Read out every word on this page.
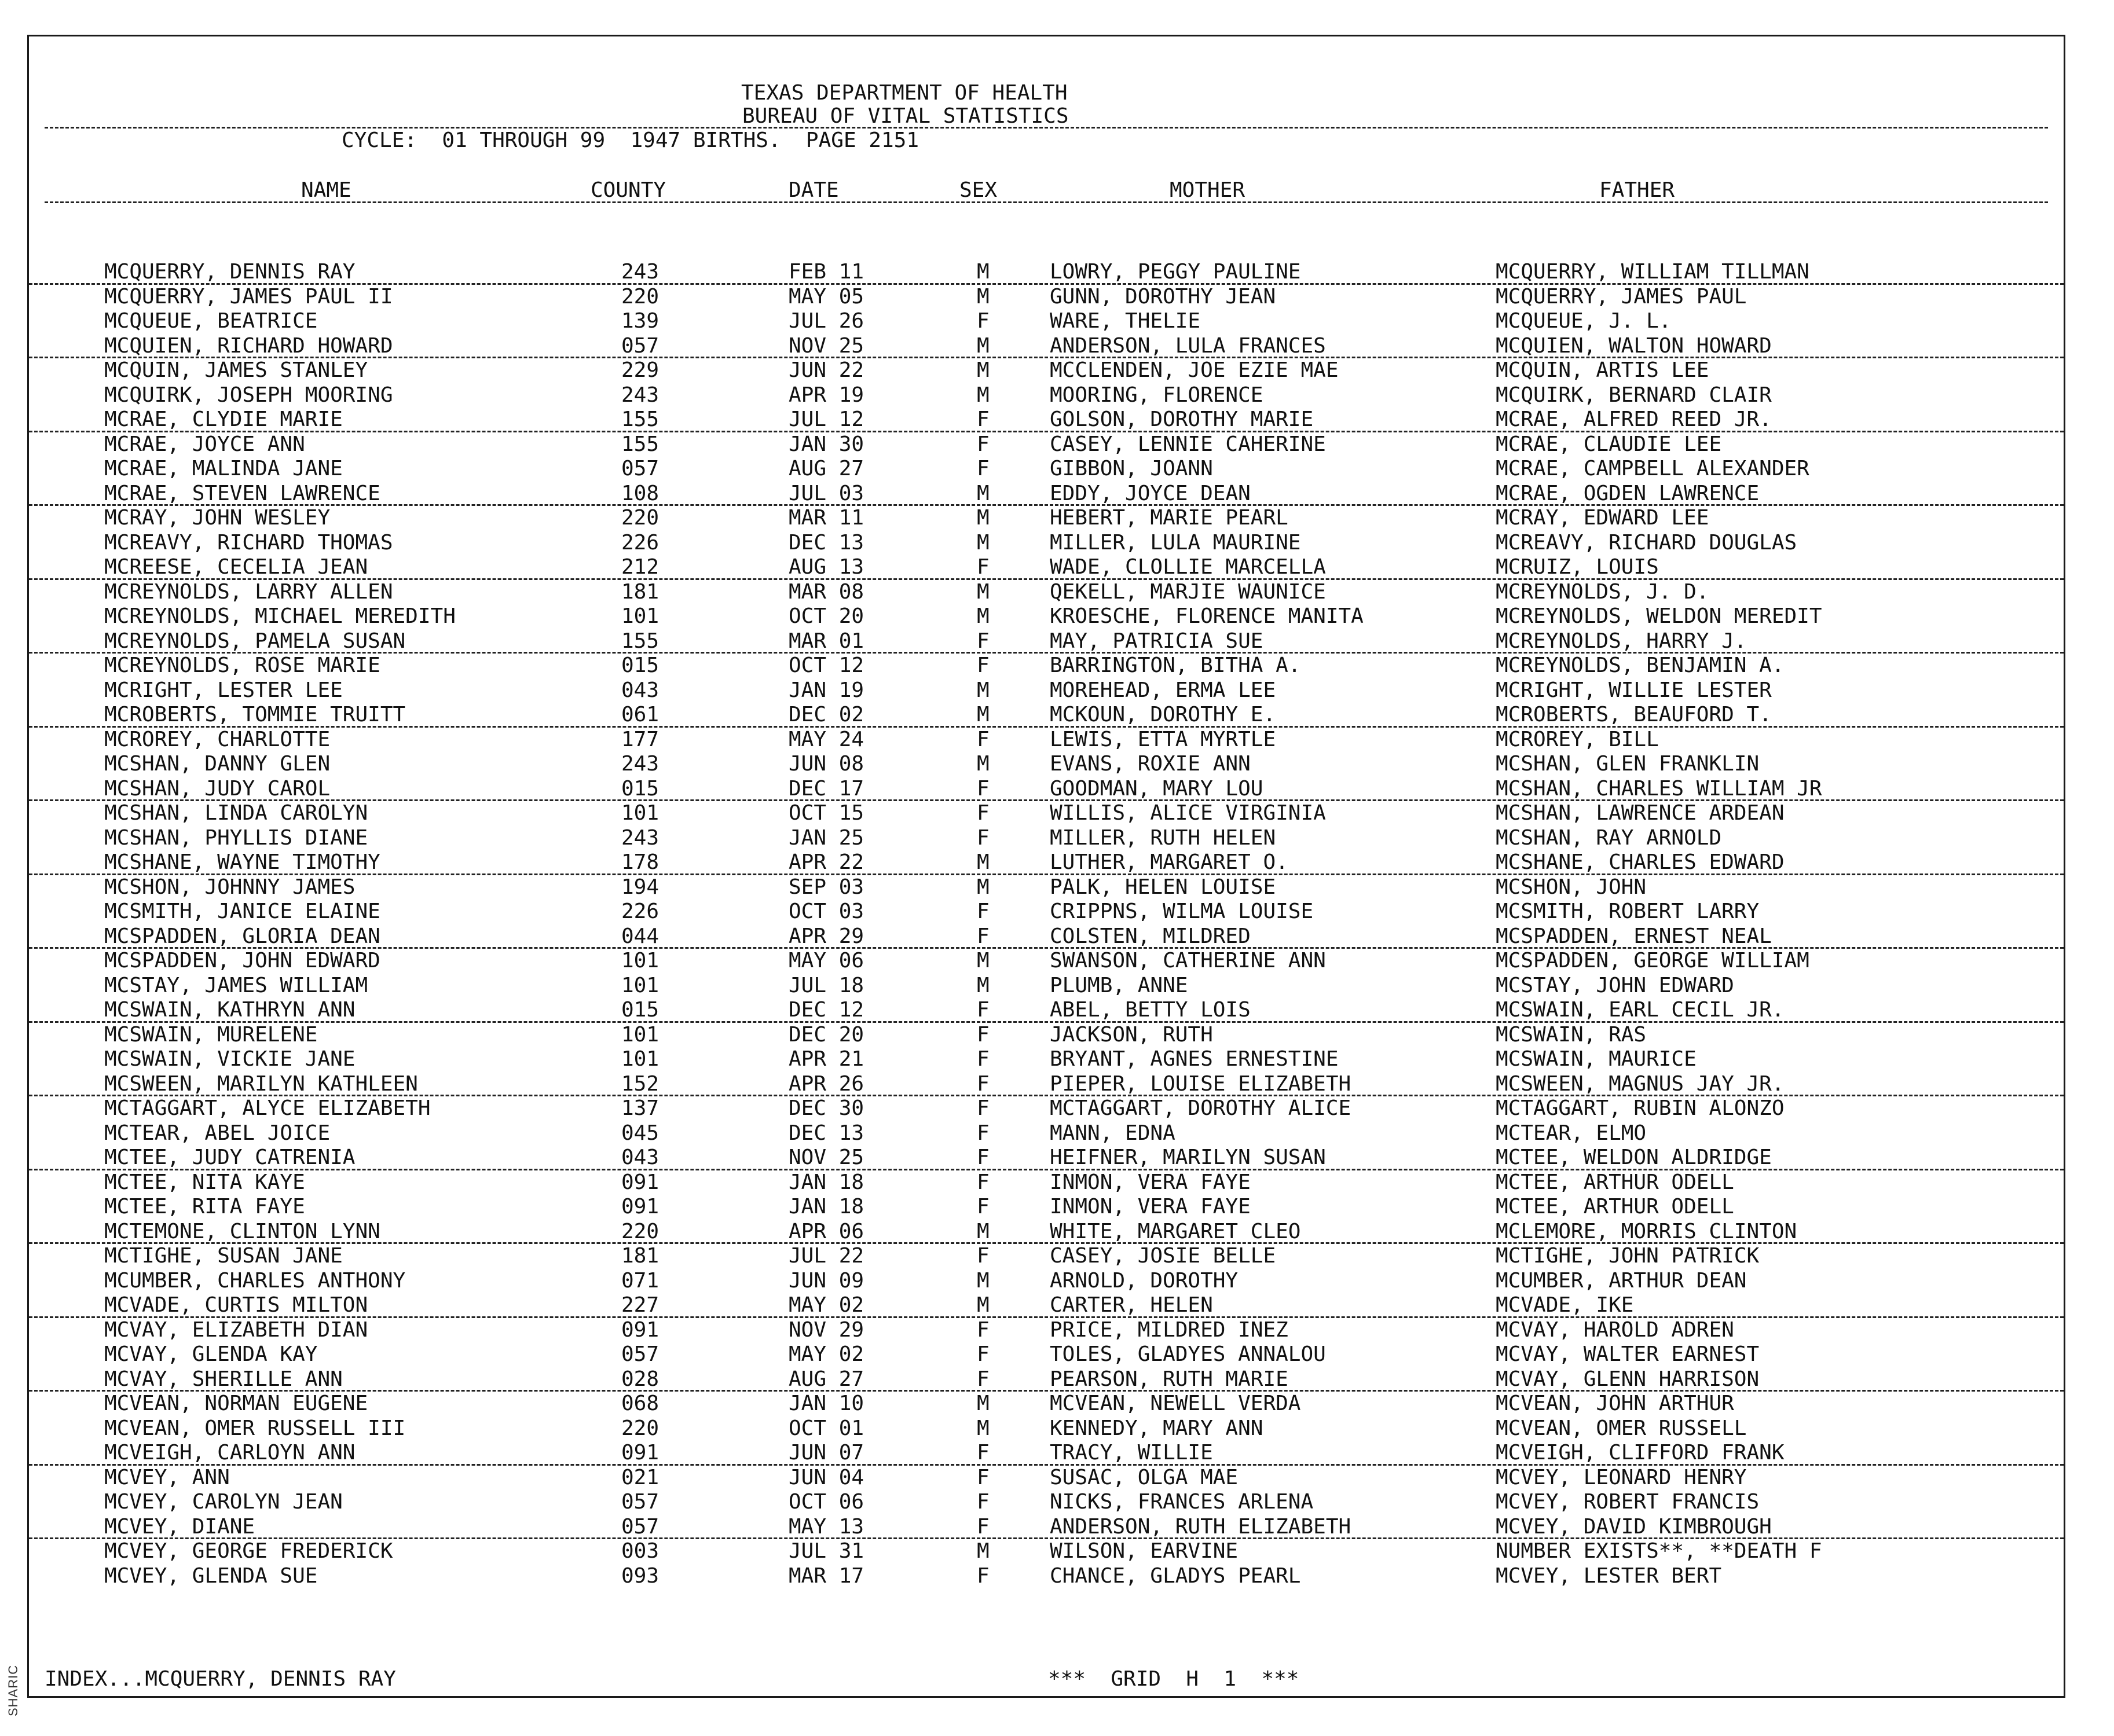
TEXAS DEPARTMENT OF HEALTH
BUREAU OF VITAL STATISTICS
CYCLE:  01 THROUGH 99  1947 BIRTHS.  PAGE 2151
NAME	COUNTY	DATE	SEX	MOTHER	FATHER
MCQUERRY, DENNIS RAY	243	FEB 11	M	LOWRY, PEGGY PAULINE	MCQUERRY, WILLIAM TILLMAN
MCQUERRY, JAMES PAUL II	220	MAY 05	M	GUNN, DOROTHY JEAN	MCQUERRY, JAMES PAUL
MCQUEUE, BEATRICE	139	JUL 26	F	WARE, THELIE	MCQUEUE, J. L.
MCQUIEN, RICHARD HOWARD	057	NOV 25	M	ANDERSON, LULA FRANCES	MCQUIEN, WALTON HOWARD
MCQUIN, JAMES STANLEY	229	JUN 22	M	MCCLENDEN, JOE EZIE MAE	MCQUIN, ARTIS LEE
MCQUIRK, JOSEPH MOORING	243	APR 19	M	MOORING, FLORENCE	MCQUIRK, BERNARD CLAIR
MCRAE, CLYDIE MARIE	155	JUL 12	F	GOLSON, DOROTHY MARIE	MCRAE, ALFRED REED JR.
MCRAE, JOYCE ANN	155	JAN 30	F	CASEY, LENNIE CAHERINE	MCRAE, CLAUDIE LEE
MCRAE, MALINDA JANE	057	AUG 27	F	GIBBON, JOANN	MCRAE, CAMPBELL ALEXANDER
MCRAE, STEVEN LAWRENCE	108	JUL 03	M	EDDY, JOYCE DEAN	MCRAE, OGDEN LAWRENCE
MCRAY, JOHN WESLEY	220	MAR 11	M	HEBERT, MARIE PEARL	MCRAY, EDWARD LEE
MCREAVY, RICHARD THOMAS	226	DEC 13	M	MILLER, LULA MAURINE	MCREAVY, RICHARD DOUGLAS
MCREESE, CECELIA JEAN	212	AUG 13	F	WADE, CLOLLIE MARCELLA	MCRUIZ, LOUIS
MCREYNOLDS, LARRY ALLEN	181	MAR 08	M	QEKELL, MARJIE WAUNICE	MCREYNOLDS, J. D.
MCREYNOLDS, MICHAEL MEREDITH	101	OCT 20	M	KROESCHE, FLORENCE MANITA	MCREYNOLDS, WELDON MEREDIT
MCREYNOLDS, PAMELA SUSAN	155	MAR 01	F	MAY, PATRICIA SUE	MCREYNOLDS, HARRY J.
MCREYNOLDS, ROSE MARIE	015	OCT 12	F	BARRINGTON, BITHA A.	MCREYNOLDS, BENJAMIN A.
MCRIGHT, LESTER LEE	043	JAN 19	M	MOREHEAD, ERMA LEE	MCRIGHT, WILLIE LESTER
MCROBERTS, TOMMIE TRUITT	061	DEC 02	M	MCKOUN, DOROTHY E.	MCROBERTS, BEAUFORD T.
MCROREY, CHARLOTTE	177	MAY 24	F	LEWIS, ETTA MYRTLE	MCROREY, BILL
MCSHAN, DANNY GLEN	243	JUN 08	M	EVANS, ROXIE ANN	MCSHAN, GLEN FRANKLIN
MCSHAN, JUDY CAROL	015	DEC 17	F	GOODMAN, MARY LOU	MCSHAN, CHARLES WILLIAM JR
MCSHAN, LINDA CAROLYN	101	OCT 15	F	WILLIS, ALICE VIRGINIA	MCSHAN, LAWRENCE ARDEAN
MCSHAN, PHYLLIS DIANE	243	JAN 25	F	MILLER, RUTH HELEN	MCSHAN, RAY ARNOLD
MCSHANE, WAYNE TIMOTHY	178	APR 22	M	LUTHER, MARGARET O.	MCSHANE, CHARLES EDWARD
MCSHON, JOHNNY JAMES	194	SEP 03	M	PALK, HELEN LOUISE	MCSHON, JOHN
MCSMITH, JANICE ELAINE	226	OCT 03	F	CRIPPNS, WILMA LOUISE	MCSMITH, ROBERT LARRY
MCSPADDEN, GLORIA DEAN	044	APR 29	F	COLSTEN, MILDRED	MCSPADDEN, ERNEST NEAL
MCSPADDEN, JOHN EDWARD	101	MAY 06	M	SWANSON, CATHERINE ANN	MCSPADDEN, GEORGE WILLIAM
MCSTAY, JAMES WILLIAM	101	JUL 18	M	PLUMB, ANNE	MCSTAY, JOHN EDWARD
MCSWAIN, KATHRYN ANN	015	DEC 12	F	ABEL, BETTY LOIS	MCSWAIN, EARL CECIL JR.
MCSWAIN, MURELENE	101	DEC 20	F	JACKSON, RUTH	MCSWAIN, RAS
MCSWAIN, VICKIE JANE	101	APR 21	F	BRYANT, AGNES ERNESTINE	MCSWAIN, MAURICE
MCSWEEN, MARILYN KATHLEEN	152	APR 26	F	PIEPER, LOUISE ELIZABETH	MCSWEEN, MAGNUS JAY JR.
MCTAGGART, ALYCE ELIZABETH	137	DEC 30	F	MCTAGGART, DOROTHY ALICE	MCTAGGART, RUBIN ALONZO
MCTEAR, ABEL JOICE	045	DEC 13	F	MANN, EDNA	MCTEAR, ELMO
MCTEE, JUDY CATRENIA	043	NOV 25	F	HEIFNER, MARILYN SUSAN	MCTEE, WELDON ALDRIDGE
MCTEE, NITA KAYE	091	JAN 18	F	INMON, VERA FAYE	MCTEE, ARTHUR ODELL
MCTEE, RITA FAYE	091	JAN 18	F	INMON, VERA FAYE	MCTEE, ARTHUR ODELL
MCTEMONE, CLINTON LYNN	220	APR 06	M	WHITE, MARGARET CLEO	MCLEMORE, MORRIS CLINTON
MCTIGHE, SUSAN JANE	181	JUL 22	F	CASEY, JOSIE BELLE	MCTIGHE, JOHN PATRICK
MCUMBER, CHARLES ANTHONY	071	JUN 09	M	ARNOLD, DOROTHY	MCUMBER, ARTHUR DEAN
MCVADE, CURTIS MILTON	227	MAY 02	M	CARTER, HELEN	MCVADE, IKE
MCVAY, ELIZABETH DIAN	091	NOV 29	F	PRICE, MILDRED INEZ	MCVAY, HAROLD ADREN
MCVAY, GLENDA KAY	057	MAY 02	F	TOLES, GLADYES ANNALOU	MCVAY, WALTER EARNEST
MCVAY, SHERILLE ANN	028	AUG 27	F	PEARSON, RUTH MARIE	MCVAY, GLENN HARRISON
MCVEAN, NORMAN EUGENE	068	JAN 10	M	MCVEAN, NEWELL VERDA	MCVEAN, JOHN ARTHUR
MCVEAN, OMER RUSSELL III	220	OCT 01	M	KENNEDY, MARY ANN	MCVEAN, OMER RUSSELL
MCVEIGH, CARLOYN ANN	091	JUN 07	F	TRACY, WILLIE	MCVEIGH, CLIFFORD FRANK
MCVEY, ANN	021	JUN 04	F	SUSAC, OLGA MAE	MCVEY, LEONARD HENRY
MCVEY, CAROLYN JEAN	057	OCT 06	F	NICKS, FRANCES ARLENA	MCVEY, ROBERT FRANCIS
MCVEY, DIANE	057	MAY 13	F	ANDERSON, RUTH ELIZABETH	MCVEY, DAVID KIMBROUGH
MCVEY, GEORGE FREDERICK	003	JUL 31	M	WILSON, EARVINE	NUMBER EXISTS**, **DEATH F
MCVEY, GLENDA SUE	093	MAR 17	F	CHANCE, GLADYS PEARL	MCVEY, LESTER BERT
INDEX...MCQUERRY, DENNIS RAY	***  GRID  H  1  ***
SHARIC
